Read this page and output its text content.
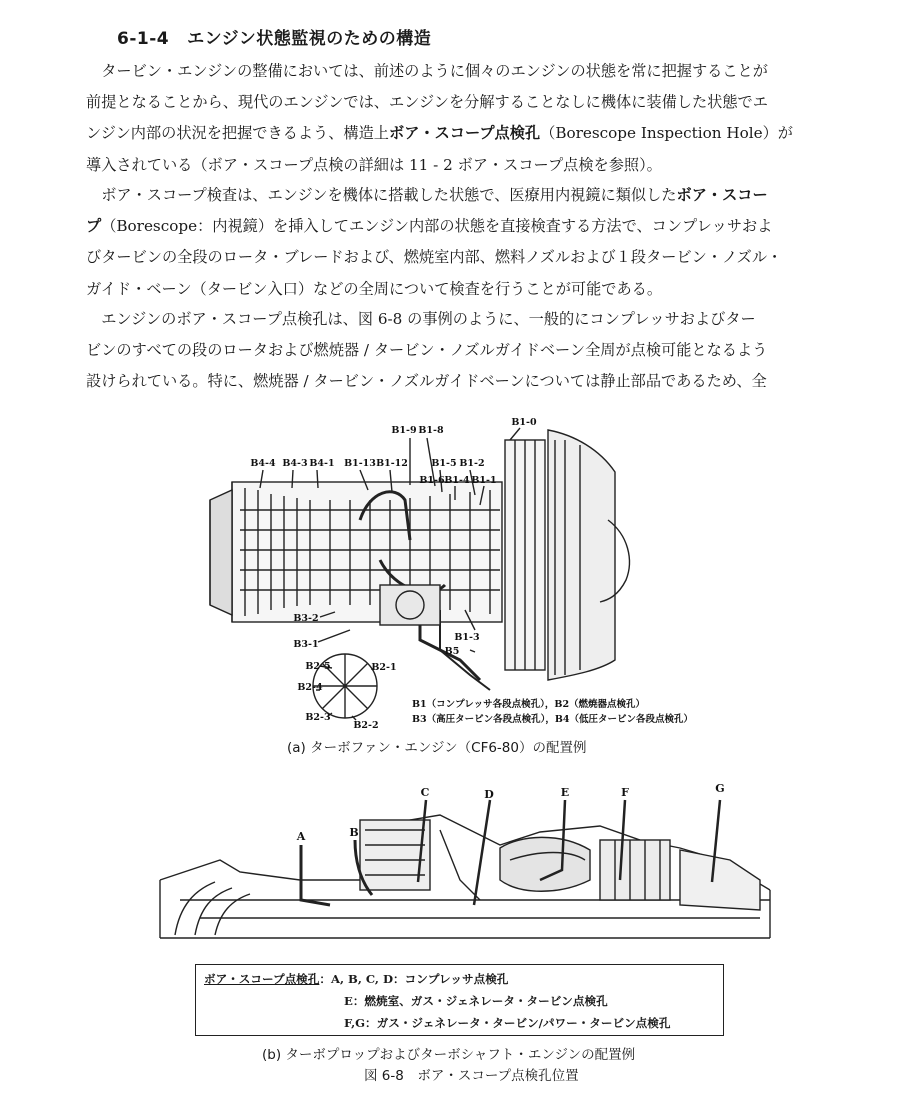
6-1-4 エンジン状態監視のための構造

　タービン・エンジンの整備においては、前述のように個々のエンジンの状態を常に把握することが

前提となることから、現代のエンジンでは、エンジンを分解することなしに機体に装備した状態でエ

ンジン内部の状況を把握できるよう、構造上ボア・スコープ点検孔（Borescope Inspection Hole）が

導入されている（ボア・スコープ点検の詳細は 11 - 2 ボア・スコープ点検を参照）。

　ボア・スコープ検査は、エンジンを機体に搭載した状態で、医療用内視鏡に類似したボア・スコー

プ（Borescope：内視鏡）を挿入してエンジン内部の状態を直接検査する方法で、コンプレッサおよ

びタービンの全段のロータ・ブレードおよび、燃焼室内部、燃料ノズルおよび１段タービン・ノズル・

ガイド・ベーン（タービン入口）などの全周について検査を行うことが可能である。

　エンジンのボア・スコープ点検孔は、図 6-8 の事例のように、一般的にコンプレッサおよびター

ビンのすべての段のロータおよび燃焼器 / タービン・ノズルガイドベーン全周が点検可能となるよう

設けられている。特に、燃焼器 / タービン・ノズルガイドベーンについては静止部品であるため、全

B1-0
B1-9 B1-8
B4-4 B4-3 B4-1 B1-13 B1-12 B1-5 B1-2
B1-6 B1-4 B1-1
B3-2
B3-1
B1-3
B5
B2-5	B2-1
B2-4
B2-3
B2-2
B1（コンプレッサ各段点検孔），B2（燃焼器点検孔）
B3（高圧タービン各段点検孔），B4（低圧タービン各段点検孔）
(a) ターボファン・エンジン（CF6-80）の配置例
A	B
C	D	E	F	G
ボア・スコープ点検孔：A, B, C, D：コンプレッサ点検孔
E：燃焼室、ガス・ジェネレータ・タービン点検孔
F,G：ガス・ジェネレータ・タービン/パワー・タービン点検孔
(b) ターボプロップおよびターボシャフト・エンジンの配置例
図 6-8　ボア・スコープ点検孔位置
